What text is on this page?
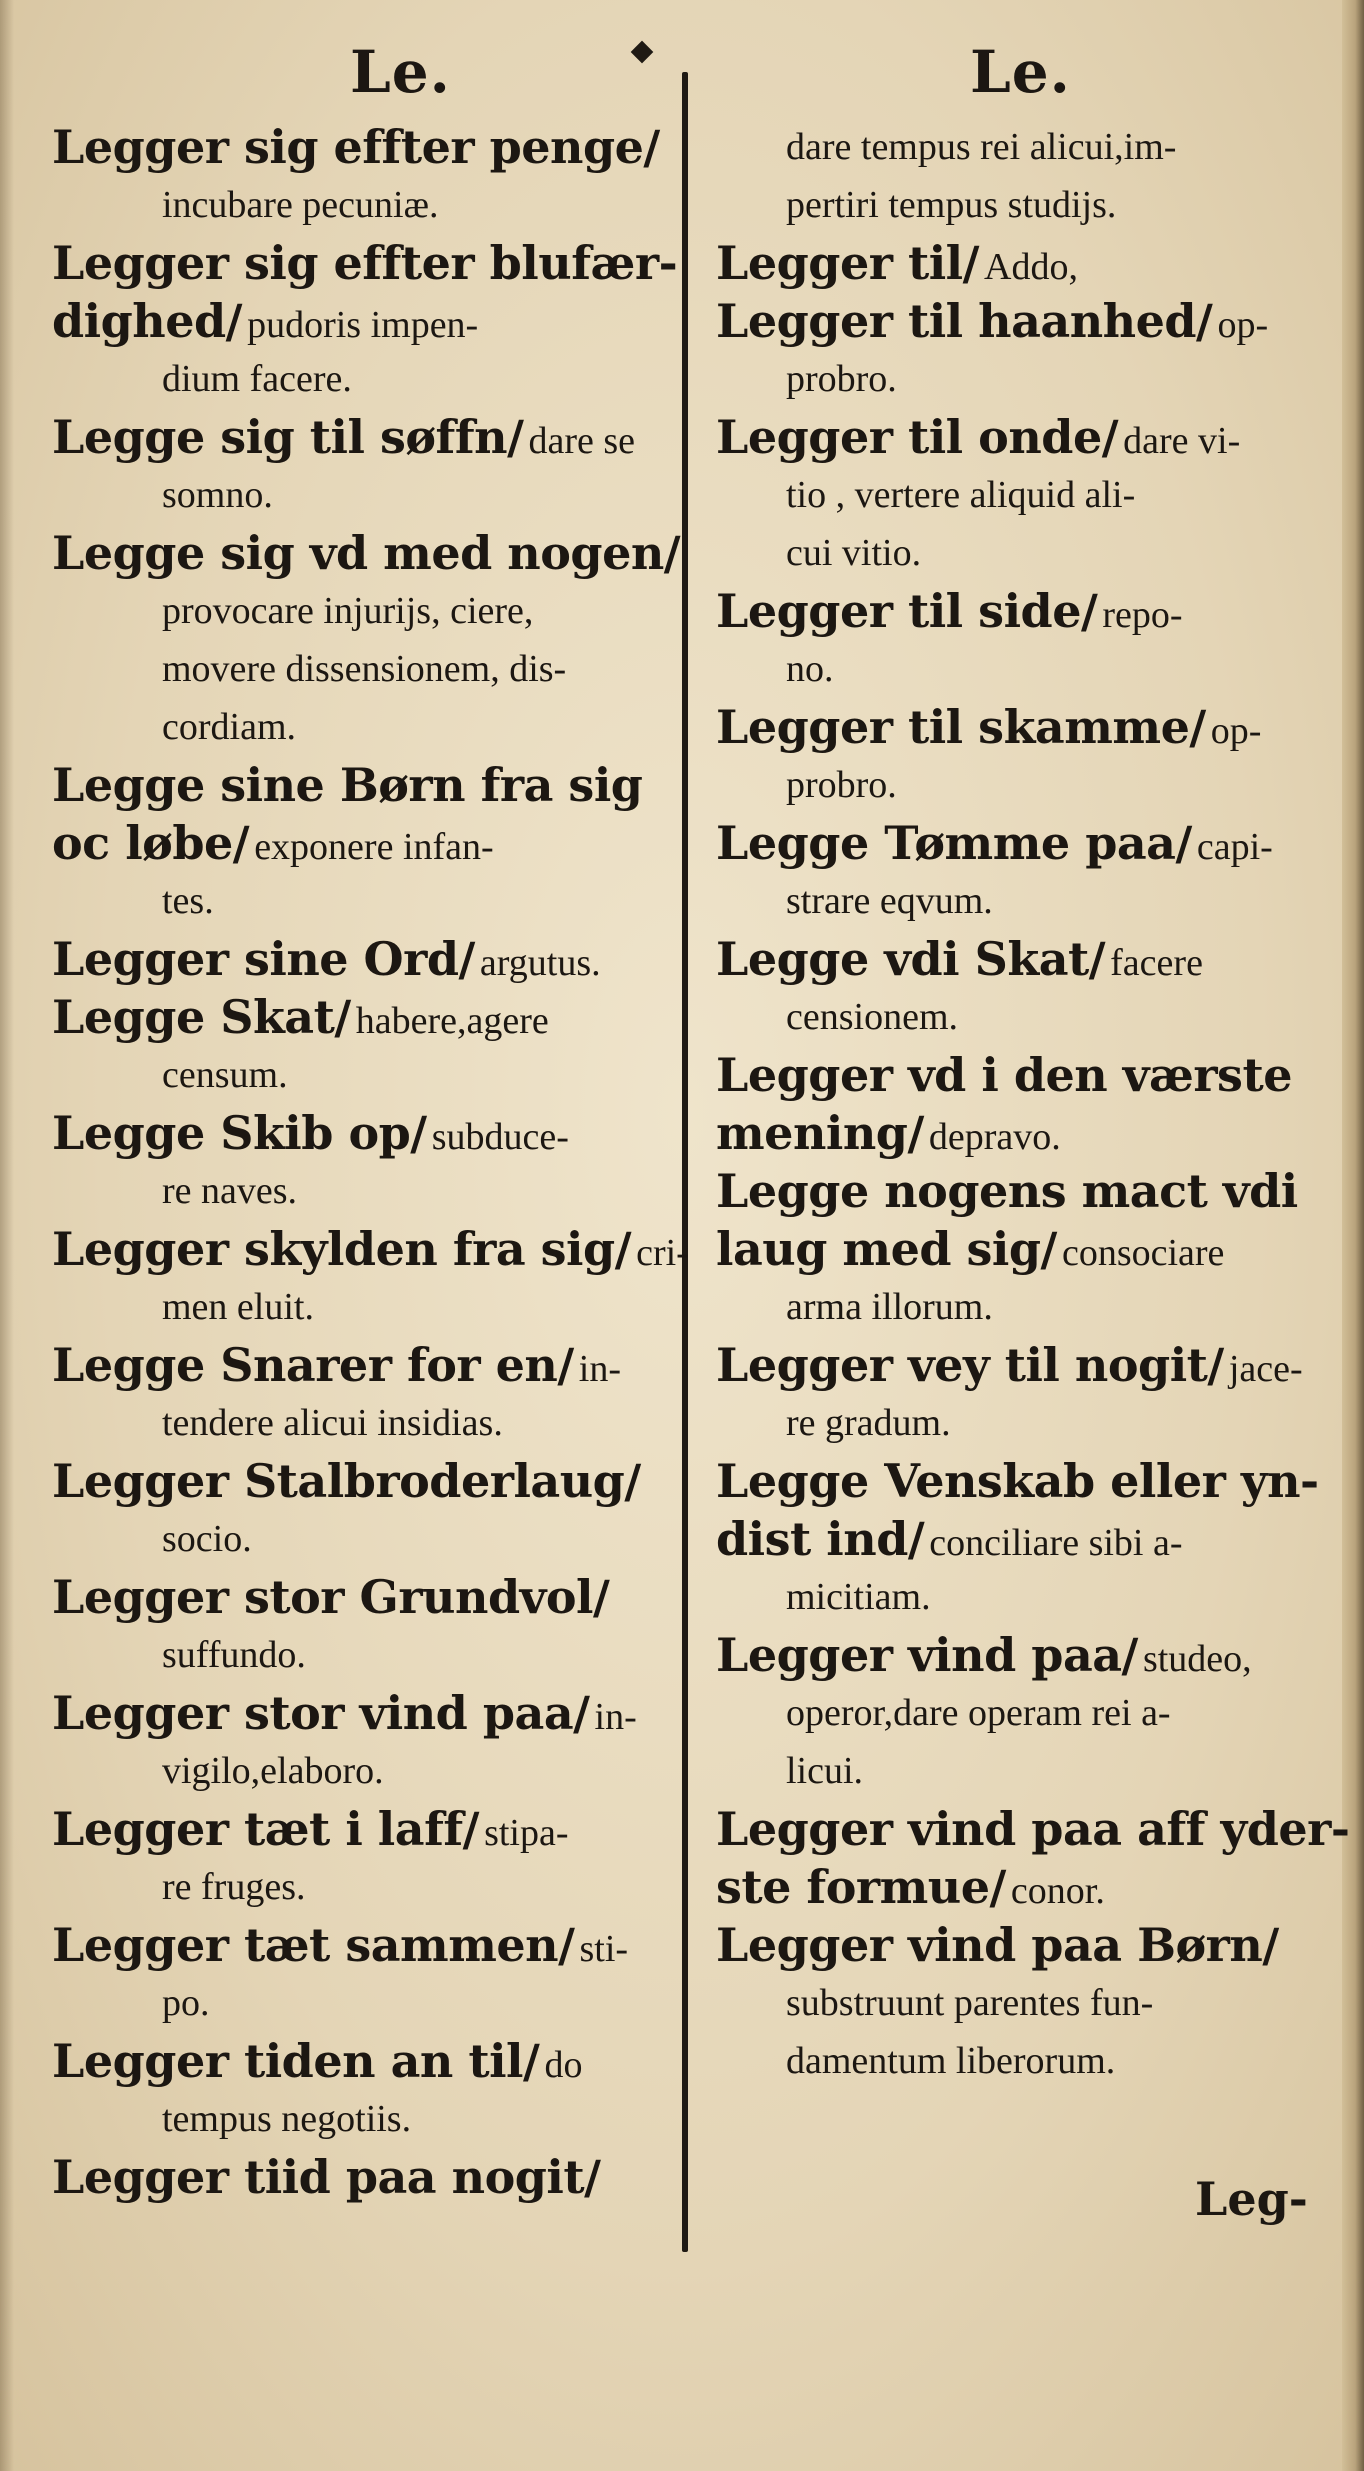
Le.	Le.
Legger sig effter penge/
incubare pecuniæ.
Legger sig effter blufær-
dighed/ pudoris impen-
dium facere.
Legge sig til søffn/ dare se
somno.
Legge sig vd med nogen/
provocare injurijs, ciere,
movere dissensionem, dis-
cordiam.
Legge sine Børn fra sig
oc løbe/ exponere infan-
tes.
Legger sine Ord/ argutus.
Legge Skat/ habere,agere
censum.
Legge Skib op/ subduce-
re naves.
Legger skylden fra sig/ cri-
men eluit.
Legge Snarer for en/ in-
tendere alicui insidias.
Legger Stalbroderlaug/
socio.
Legger stor Grundvol/
suffundo.
Legger stor vind paa/ in-
vigilo,elaboro.
Legger tæt i laff/ stipa-
re fruges.
Legger tæt sammen/ sti-
po.
Legger tiden an til/ do
tempus negotiis.
Legger tiid paa nogit/
dare tempus rei alicui,im-
pertiri tempus studijs.
Legger til/ Addo,
Legger til haanhed/ op-
probro.
Legger til onde/ dare vi-
tio , vertere aliquid ali-
cui vitio.
Legger til side/ repo-
no.
Legger til skamme/ op-
probro.
Legge Tømme paa/ capi-
strare eqvum.
Legge vdi Skat/ facere
censionem.
Legger vd i den værste
mening/ depravo.
Legge nogens mact vdi
laug med sig/ consociare
arma illorum.
Legger vey til nogit/ jace-
re gradum.
Legge Venskab eller yn-
dist ind/ conciliare sibi a-
micitiam.
Legger vind paa/ studeo,
operor,dare operam rei a-
licui.
Legger vind paa aff yder-
ste formue/ conor.
Legger vind paa Børn/
substruunt parentes fun-
damentum liberorum.
Leg-
